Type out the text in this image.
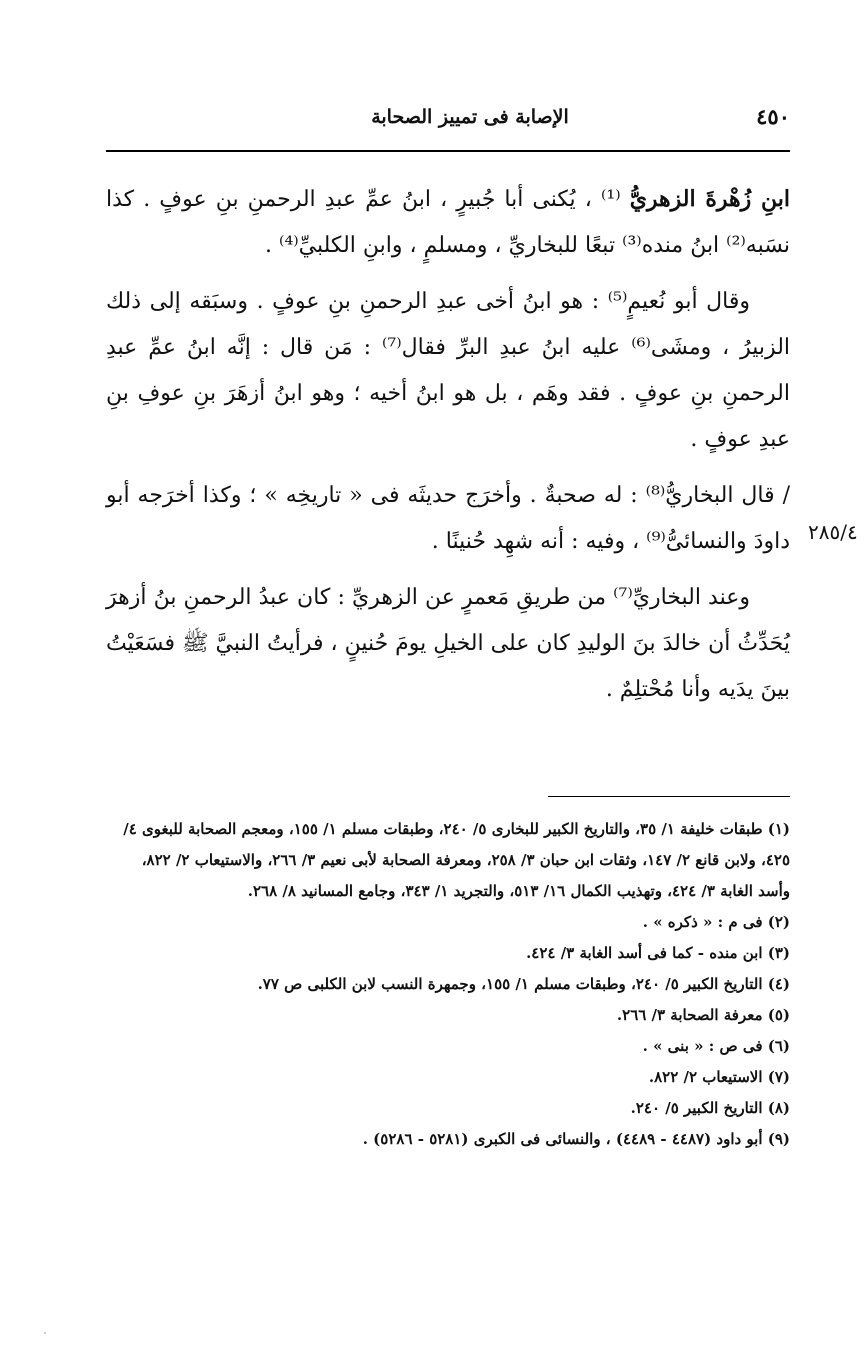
٤٥٠
الإصابة فى تمييز الصحابة
٢٨٥/٤

ابنِ زُهْرةَ الزهريُّ ⁽¹⁾ ، يُكنى أبا جُبيرٍ ، ابنُ عمِّ عبدِ الرحمنِ بنِ عوفٍ . كذا نسَبه⁽²⁾ ابنُ منده⁽³⁾ تبعًا للبخاريِّ ، ومسلمٍ ، وابنِ الكلبيِّ⁽⁴⁾ .

وقال أبو نُعيمٍ⁽⁵⁾ : هو ابنُ أخى عبدِ الرحمنِ بنِ عوفٍ . وسبَقه إلى ذلك الزبيرُ ، ومشَى⁽⁶⁾ عليه ابنُ عبدِ البرِّ فقال⁽⁷⁾ : مَن قال : إنَّه ابنُ عمِّ عبدِ الرحمنِ بنِ عوفٍ . فقد وهَم ، بل هو ابنُ أخيه ؛ وهو ابنُ أزهَرَ بنِ عوفِ بنِ عبدِ عوفٍ .

/ قال البخاريُّ⁽⁸⁾ : له صحبةٌ . وأخرَج حديثَه فى « تاريخِه » ؛ وكذا أخرَجه أبو داودَ والنسائىُّ⁽⁹⁾ ، وفيه : أنه شهِد حُنينًا .

وعند البخاريِّ⁽⁷⁾ من طريقِ مَعمرٍ عن الزهريِّ : كان عبدُ الرحمنِ بنُ أزهرَ يُحَدِّثُ أن خالدَ بنَ الوليدِ كان على الخيلِ يومَ حُنينٍ ، فرأيتُ النبيَّ ﷺ فسَعَيْتُ بينَ يدَيه وأنا مُحْتلِمٌ .

(١) طبقات خليفة ١/ ٣٥، والتاريخ الكبير للبخارى ٥/ ٢٤٠، وطبقات مسلم ١/ ١٥٥، ومعجم الصحابة للبغوى ٤/ ٤٢٥، ولابن قانع ٢/ ١٤٧، وثقات ابن حبان ٣/ ٢٥٨، ومعرفة الصحابة لأبى نعيم ٣/ ٢٦٦، والاستيعاب ٢/ ٨٢٢، وأسد الغابة ٣/ ٤٢٤، وتهذيب الكمال ١٦/ ٥١٣، والتجريد ١/ ٣٤٣، وجامع المسانيد ٨/ ٢٦٨.

(٢) فى م : « ذكره » .

(٣) ابن منده - كما فى أسد الغابة ٣/ ٤٢٤.

(٤) التاريخ الكبير ٥/ ٢٤٠، وطبقات مسلم ١/ ١٥٥، وجمهرة النسب لابن الكلبى ص ٧٧.

(٥) معرفة الصحابة ٣/ ٢٦٦.

(٦) فى ص : « بنى » .

(٧) الاستيعاب ٢/ ٨٢٢.

(٨) التاريخ الكبير ٥/ ٢٤٠.

(٩) أبو داود (٤٤٨٧ - ٤٤٨٩) ، والنسائى فى الكبرى (٥٢٨١ - ٥٢٨٦) .
